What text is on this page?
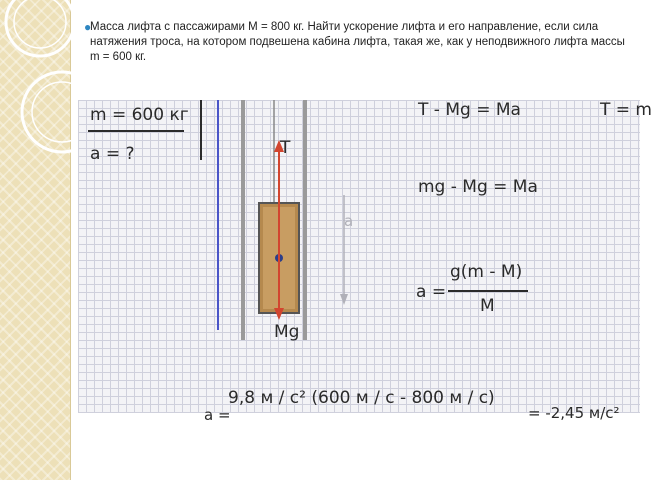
●
Масса лифта с пассажирами M = 800 кг. Найти ускорение лифта и его направление, если сила натяжения троса, на котором подвешена кабина лифта, такая же, как у неподвижного лифта массы m = 600 кг.
m = 600 кг
a = ?	T
Mg
a
T - Mg = Ma	T = m
mg - Mg = Ma
a =
g(m - M)
M
9,8 м / с² (600 м / с - 800 м / с)
a =	= -2,45 м/с²
